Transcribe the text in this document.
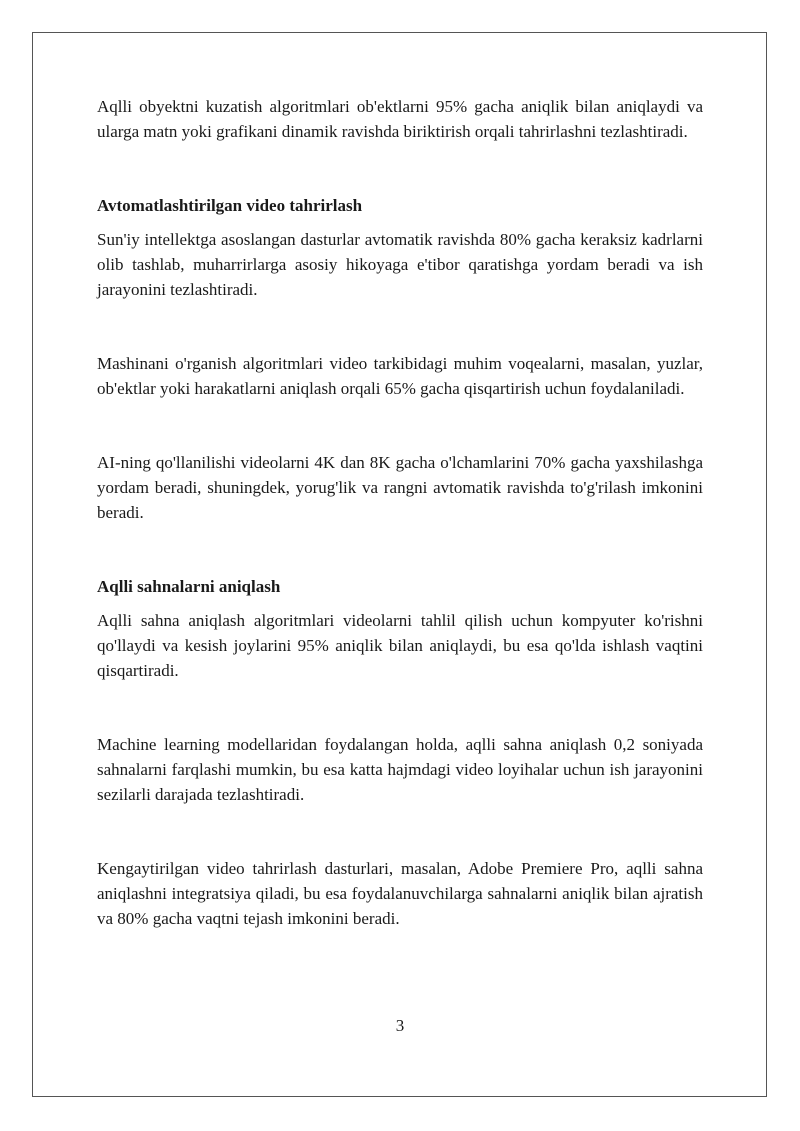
Aqlli obyektni kuzatish algoritmlari ob'ektlarni 95% gacha aniqlik bilan aniqlaydi va ularga matn yoki grafikani dinamik ravishda biriktirish orqali tahrirlashni tezlashtiradi.

Avtomatlashtirilgan video tahrirlash

Sun'iy intellektga asoslangan dasturlar avtomatik ravishda 80% gacha keraksiz kadrlarni olib tashlab, muharrirlarga asosiy hikoyaga e'tibor qaratishga yordam beradi va ish jarayonini tezlashtiradi.

Mashinani o'rganish algoritmlari video tarkibidagi muhim voqealarni, masalan, yuzlar, ob'ektlar yoki harakatlarni aniqlash orqali 65% gacha qisqartirish uchun foydalaniladi.

AI-ning qo'llanilishi videolarni 4K dan 8K gacha o'lchamlarini 70% gacha yaxshilashga yordam beradi, shuningdek, yorug'lik va rangni avtomatik ravishda to'g'rilash imkonini beradi.

Aqlli sahnalarni aniqlash

Aqlli sahna aniqlash algoritmlari videolarni tahlil qilish uchun kompyuter ko'rishni qo'llaydi va kesish joylarini 95% aniqlik bilan aniqlaydi, bu esa qo'lda ishlash vaqtini qisqartiradi.

Machine learning modellaridan foydalangan holda, aqlli sahna aniqlash 0,2 soniyada sahnalarni farqlashi mumkin, bu esa katta hajmdagi video loyihalar uchun ish jarayonini sezilarli darajada tezlashtiradi.

Kengaytirilgan video tahrirlash dasturlari, masalan, Adobe Premiere Pro, aqlli sahna aniqlashni integratsiya qiladi, bu esa foydalanuvchilarga sahnalarni aniqlik bilan ajratish va 80% gacha vaqtni tejash imkonini beradi.

3
